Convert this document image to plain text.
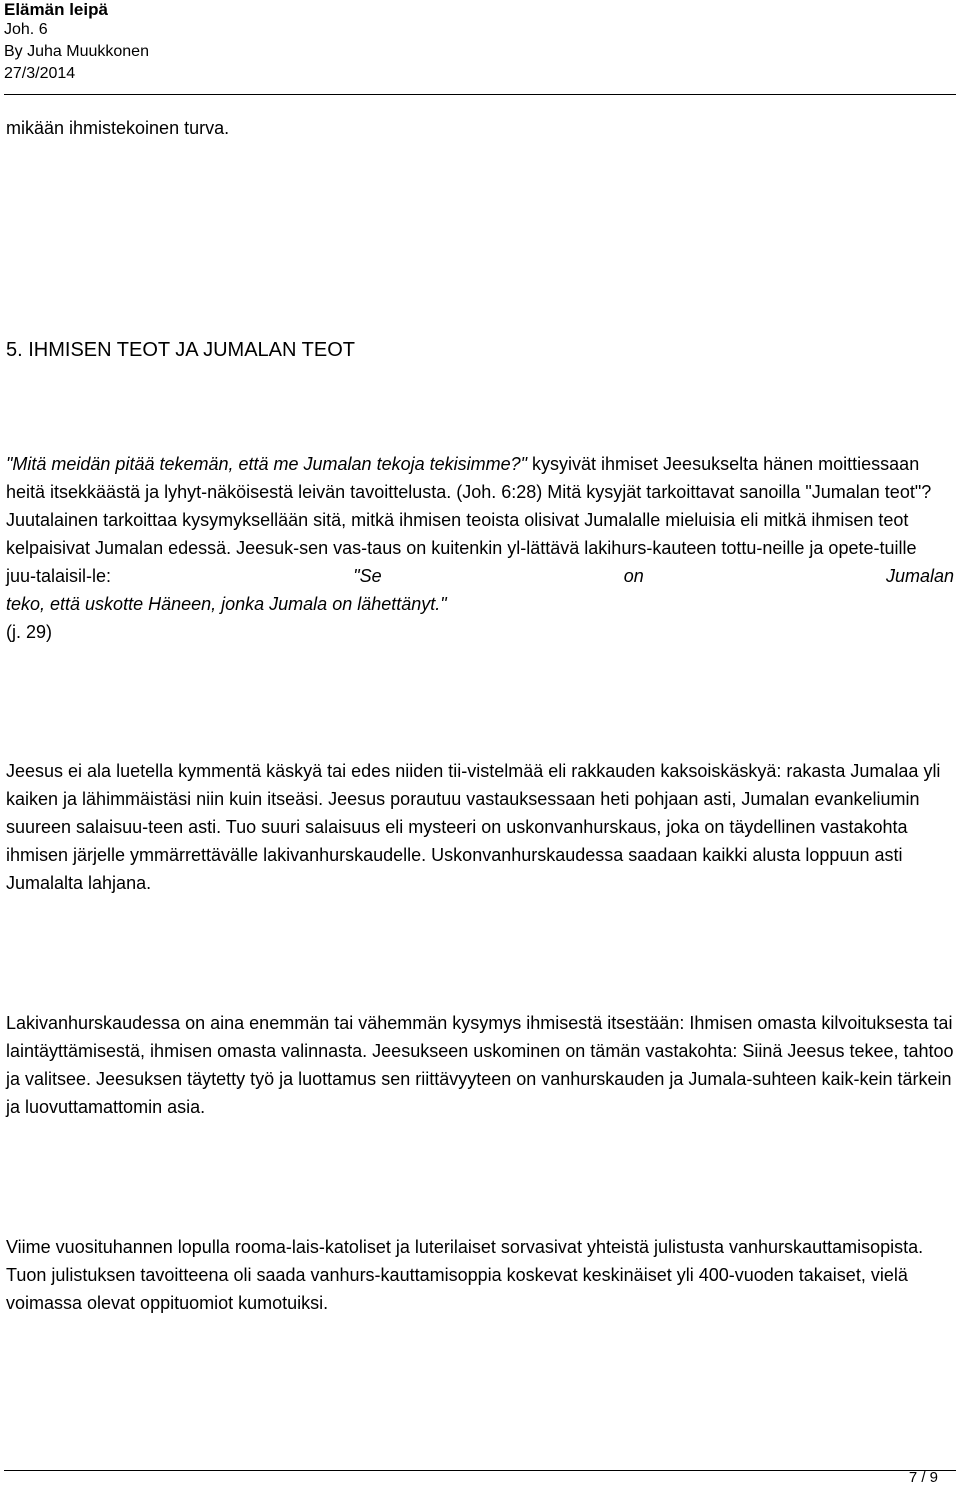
Elämän leipä
Joh. 6
By Juha Muukkonen
27/3/2014

mikään ihmistekoinen turva.

5. IHMISEN TEOT JA JUMALAN TEOT

"Mitä meidän pitää tekemän, että me Jumalan tekoja tekisimme?" kysyivät ihmiset Jeesukselta hänen moittiessaan heitä itsekkäästä ja lyhyt-näköisestä leivän tavoittelusta. (Joh. 6:28) Mitä kysyjät tarkoittavat sanoilla "Jumalan teot"? Juutalainen tarkoittaa kysymyksellään sitä, mitkä ihmisen teoista olisivat Jumalalle mieluisia eli mitkä ihmisen teot kelpaisivat Jumalan edessä. Jeesuk-sen vas-taus on kuitenkin yl-lättävä lakihurs-kauteen tottu-neille ja opete-tuille

juu-talaisil-le:	"Se on Jumalan

teko, että uskotte Häneen, jonka Jumala on lähettänyt."

(j. 29)

Jeesus ei ala luetella kymmentä käskyä tai edes niiden tii-vistelmää eli rakkauden kaksoiskäskyä: rakasta Jumalaa yli kaiken ja lähimmäistäsi niin kuin itseäsi. Jeesus porautuu vastauksessaan heti pohjaan asti, Jumalan evankeliumin suureen salaisuu-teen asti. Tuo suuri salaisuus eli mysteeri on uskonvanhurskaus, joka on täydellinen vastakohta ihmisen järjelle ymmärrettävälle lakivanhurskaudelle. Uskonvanhurskaudessa saadaan kaikki alusta loppuun asti Jumalalta lahjana.

Lakivanhurskaudessa on aina enemmän tai vähemmän kysymys ihmisestä itsestään: Ihmisen omasta kilvoituksesta tai laintäyttämisestä, ihmisen omasta valinnasta. Jeesukseen uskominen on tämän vastakohta: Siinä Jeesus tekee, tahtoo ja valitsee. Jeesuksen täytetty työ ja luottamus sen riittävyyteen on vanhurskauden ja Jumala-suhteen kaik-kein tärkein ja luovuttamattomin asia.

Viime vuosituhannen lopulla rooma-lais-katoliset ja luterilaiset sorvasivat yhteistä julistusta vanhurskauttamisopista. Tuon julistuksen tavoitteena oli saada vanhurs-kauttamisoppia koskevat keskinäiset yli 400-vuoden takaiset, vielä voimassa olevat oppituomiot kumotuiksi.

7 / 9
